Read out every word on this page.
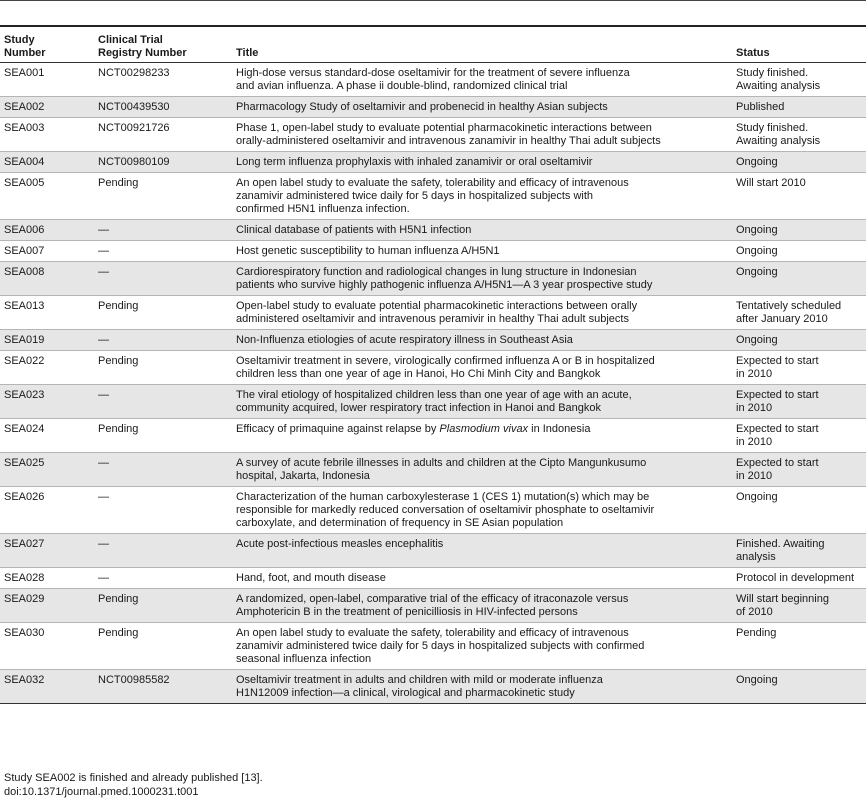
Study
Number	Clinical Trial
Registry Number	Title	Status
SEA001	NCT00298233	High-dose versus standard-dose oseltamivir for the treatment of severe influenza
and avian influenza. A phase ii double-blind, randomized clinical trial	Study finished.
Awaiting analysis
SEA002	NCT00439530	Pharmacology Study of oseltamivir and probenecid in healthy Asian subjects	Published
SEA003	NCT00921726	Phase 1, open-label study to evaluate potential pharmacokinetic interactions between
orally-administered oseltamivir and intravenous zanamivir in healthy Thai adult subjects	Study finished.
Awaiting analysis
SEA004	NCT00980109	Long term influenza prophylaxis with inhaled zanamivir or oral oseltamivir	Ongoing
SEA005	Pending	An open label study to evaluate the safety, tolerability and efficacy of intravenous
zanamivir administered twice daily for 5 days in hospitalized subjects with
confirmed H5N1 influenza infection.	Will start 2010
SEA006	—	Clinical database of patients with H5N1 infection	Ongoing
SEA007	—	Host genetic susceptibility to human influenza A/H5N1	Ongoing
SEA008	—	Cardiorespiratory function and radiological changes in lung structure in Indonesian
patients who survive highly pathogenic influenza A/H5N1—A 3 year prospective study	Ongoing
SEA013	Pending	Open-label study to evaluate potential pharmacokinetic interactions between orally
administered oseltamivir and intravenous peramivir in healthy Thai adult subjects	Tentatively scheduled
after January 2010
SEA019	—	Non-Influenza etiologies of acute respiratory illness in Southeast Asia	Ongoing
SEA022	Pending	Oseltamivir treatment in severe, virologically confirmed influenza A or B in hospitalized
children less than one year of age in Hanoi, Ho Chi Minh City and Bangkok	Expected to start
in 2010
SEA023	—	The viral etiology of hospitalized children less than one year of age with an acute,
community acquired, lower respiratory tract infection in Hanoi and Bangkok	Expected to start
in 2010
SEA024	Pending	Efficacy of primaquine against relapse by Plasmodium vivax in Indonesia	Expected to start
in 2010
SEA025	—	A survey of acute febrile illnesses in adults and children at the Cipto Mangunkusumo
hospital, Jakarta, Indonesia	Expected to start
in 2010
SEA026	—	Characterization of the human carboxylesterase 1 (CES 1) mutation(s) which may be
responsible for markedly reduced conversation of oseltamivir phosphate to oseltamivir
carboxylate, and determination of frequency in SE Asian population	Ongoing
SEA027	—	Acute post-infectious measles encephalitis	Finished. Awaiting
analysis
SEA028	—	Hand, foot, and mouth disease	Protocol in development
SEA029	Pending	A randomized, open-label, comparative trial of the efficacy of itraconazole versus
Amphotericin B in the treatment of penicilliosis in HIV-infected persons	Will start beginning
of 2010
SEA030	Pending	An open label study to evaluate the safety, tolerability and efficacy of intravenous
zanamivir administered twice daily for 5 days in hospitalized subjects with confirmed
seasonal influenza infection	Pending
SEA032	NCT00985582	Oseltamivir treatment in adults and children with mild or moderate influenza
H1N12009 infection—a clinical, virological and pharmacokinetic study	Ongoing
Study SEA002 is finished and already published [13].
doi:10.1371/journal.pmed.1000231.t001
